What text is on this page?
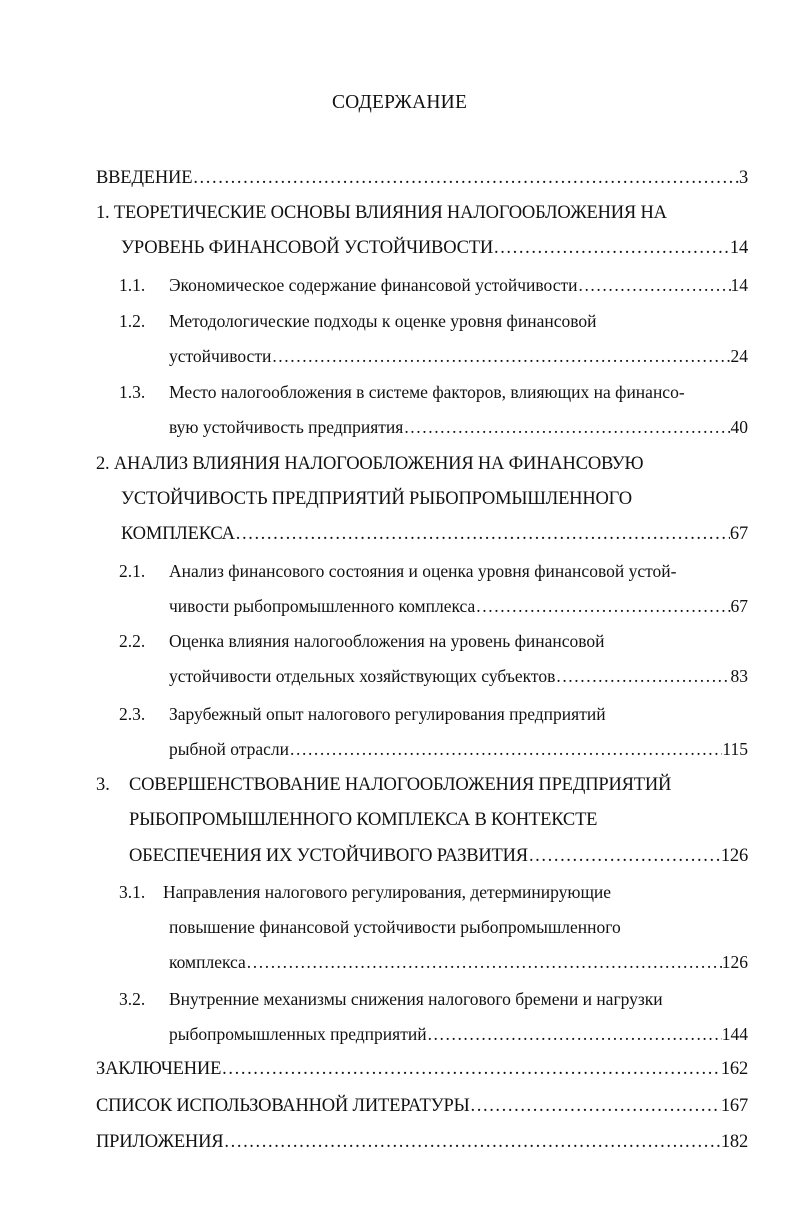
СОДЕРЖАНИЕ
ВВЕДЕНИЕ .....	3
1. ТЕОРЕТИЧЕСКИЕ ОСНОВЫ ВЛИЯНИЯ НАЛОГООБЛОЖЕНИЯ НА
УРОВЕНЬ ФИНАНСОВОЙ УСТОЙЧИВОСТИ .....	14
1.1. Экономическое содержание финансовой устойчивости .....	14
1.2. Методологические подходы к оценке уровня финансовой
устойчивости .....	24
1.3. Место налогообложения в системе факторов, влияющих на финансо-
вую устойчивость предприятия .....	40
2. АНАЛИЗ ВЛИЯНИЯ НАЛОГООБЛОЖЕНИЯ НА ФИНАНСОВУЮ
УСТОЙЧИВОСТЬ ПРЕДПРИЯТИЙ РЫБОПРОМЫШЛЕННОГО
КОМПЛЕКСА .....	67
2.1. Анализ финансового состояния и оценка уровня финансовой устой-
чивости рыбопромышленного комплекса .....	67
2.2. Оценка влияния налогообложения на уровень финансовой
устойчивости отдельных хозяйствующих субъектов .....	83
2.3. Зарубежный опыт налогового регулирования предприятий
рыбной отрасли .....	115
3. СОВЕРШЕНСТВОВАНИЕ НАЛОГООБЛОЖЕНИЯ ПРЕДПРИЯТИЙ
РЫБОПРОМЫШЛЕННОГО КОМПЛЕКСА В КОНТЕКСТЕ
ОБЕСПЕЧЕНИЯ ИХ УСТОЙЧИВОГО РАЗВИТИЯ .....	126
3.1. Направления налогового регулирования, детерминирующие
повышение финансовой устойчивости рыбопромышленного
комплекса .....	126
3.2. Внутренние механизмы снижения налогового бремени и нагрузки
рыбопромышленных предприятий .....	144
ЗАКЛЮЧЕНИЕ .....	162
СПИСОК ИСПОЛЬЗОВАННОЙ ЛИТЕРАТУРЫ .....	167
ПРИЛОЖЕНИЯ .....	182
